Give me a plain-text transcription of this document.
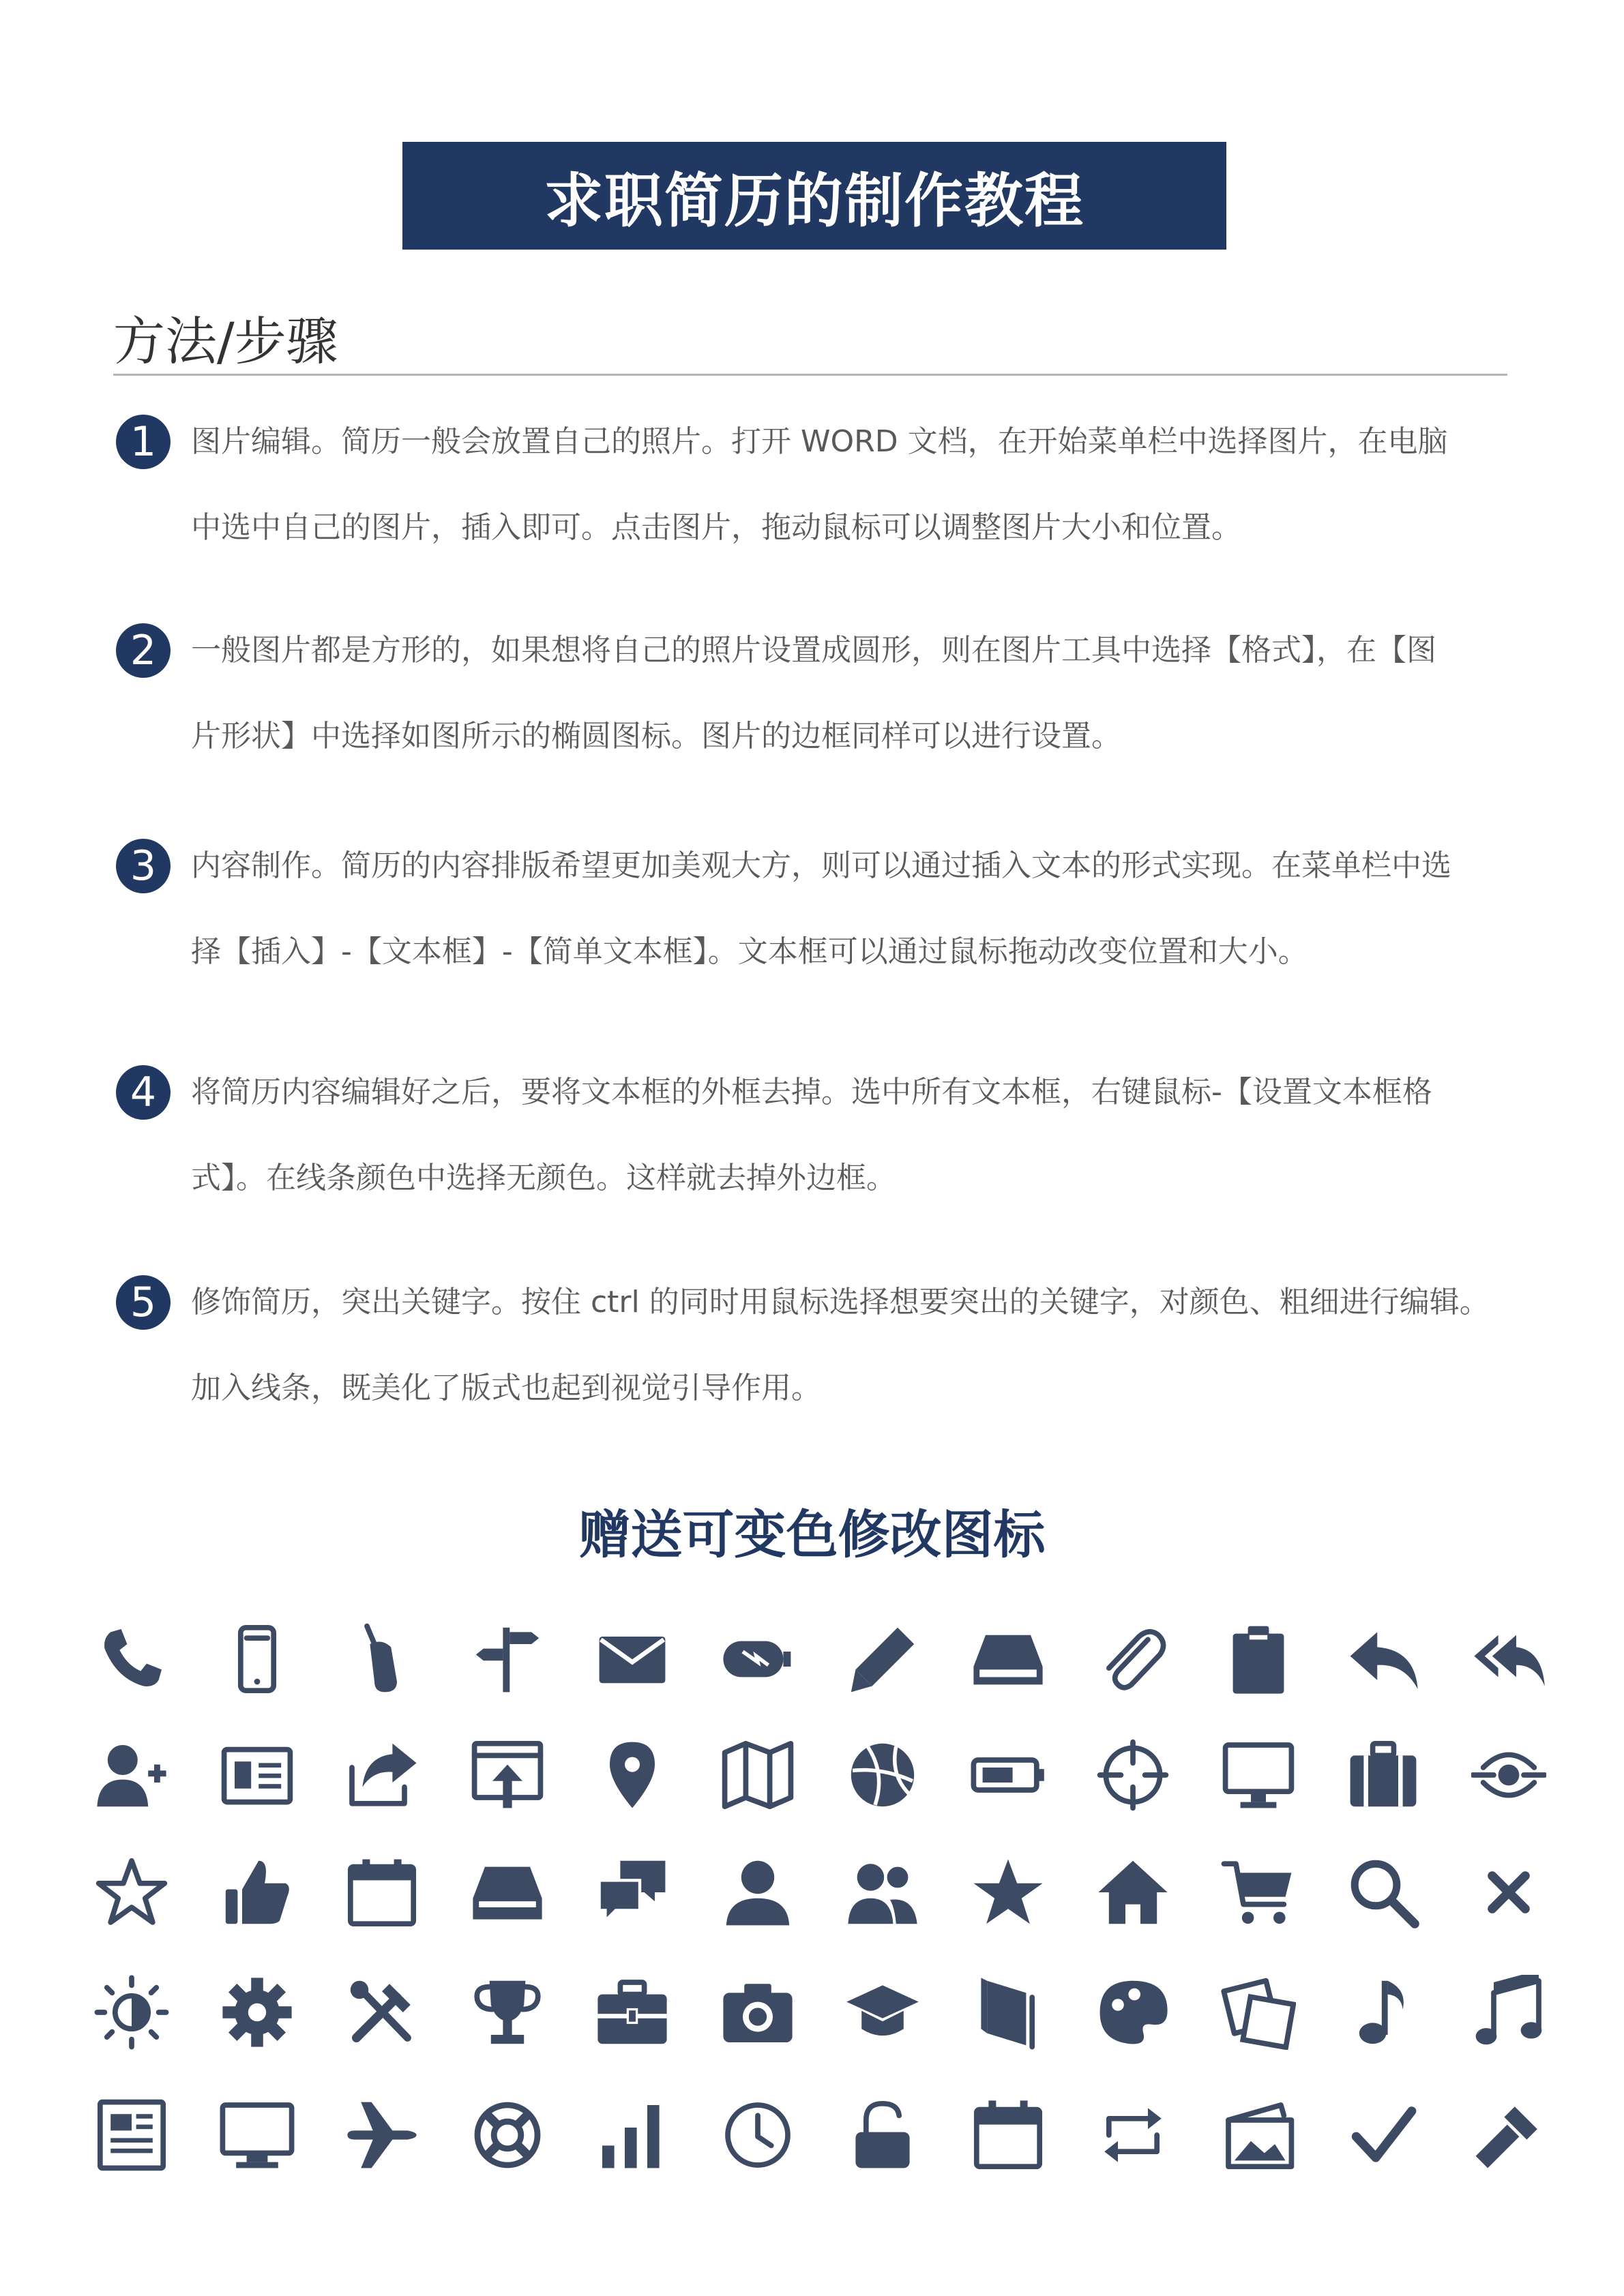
求职简历的制作教程
方法/步骤
1	图片编辑。简历一般会放置自己的照片。打开 WORD 文档，在开始菜单栏中选择图片，在电脑
中选中自己的图片，插入即可。点击图片，拖动鼠标可以调整图片大小和位置。
2	一般图片都是方形的，如果想将自己的照片设置成圆形，则在图片工具中选择【格式】，在【图
片形状】中选择如图所示的椭圆图标。图片的边框同样可以进行设置。
3	内容制作。简历的内容排版希望更加美观大方，则可以通过插入文本的形式实现。在菜单栏中选
择【插入】-【文本框】-【简单文本框】。文本框可以通过鼠标拖动改变位置和大小。
4	将简历内容编辑好之后，要将文本框的外框去掉。选中所有文本框，右键鼠标-【设置文本框格
式】。在线条颜色中选择无颜色。这样就去掉外边框。
5	修饰简历，突出关键字。按住 ctrl 的同时用鼠标选择想要突出的关键字，对颜色、粗细进行编辑。
加入线条，既美化了版式也起到视觉引导作用。
赠送可变色修改图标
